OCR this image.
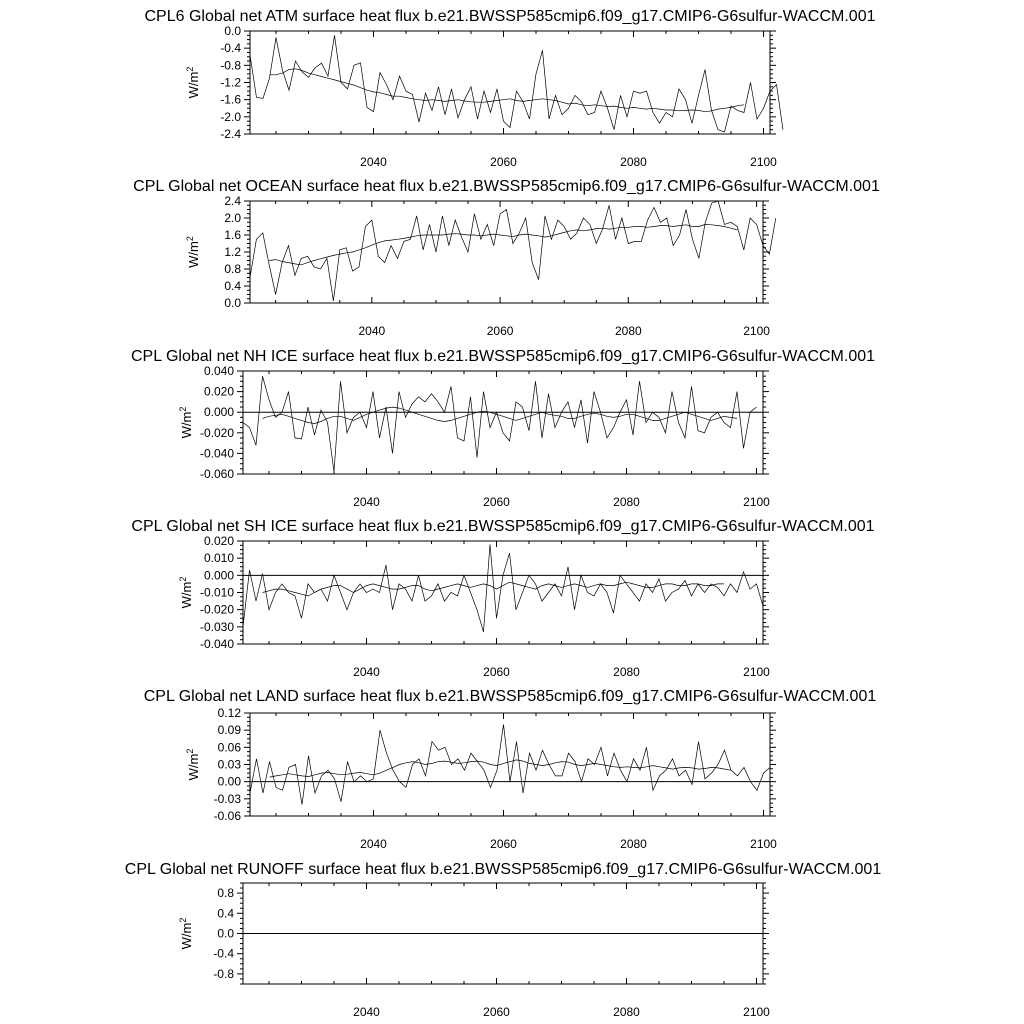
CPL6 Global net ATM surface heat flux b.e21.BWSSP585cmip6.f09_g17.CMIP6-G6sulfur-WACCM.001
$W/m^2$
2040	2060	2080	2100
0.0
-0.4
-0.8
-1.2
-1.6
-2.0
-2.4
CPL Global net OCEAN surface heat flux b.e21.BWSSP585cmip6.f09_g17.CMIP6-G6sulfur-WACCM.001
$W/m^2$
2040	2060	2080	2100
2.4
2.0
1.6
1.2
0.8
0.4
0.0
CPL Global net NH ICE surface heat flux b.e21.BWSSP585cmip6.f09_g17.CMIP6-G6sulfur-WACCM.001
$W/m^2$
2040	2060	2080	2100
0.040
0.020
0.000
-0.020
-0.040
-0.060
CPL Global net SH ICE surface heat flux b.e21.BWSSP585cmip6.f09_g17.CMIP6-G6sulfur-WACCM.001
$W/m^2$
2040	2060	2080	2100
0.020
0.010
0.000
-0.010
-0.020
-0.030
-0.040
CPL Global net LAND surface heat flux b.e21.BWSSP585cmip6.f09_g17.CMIP6-G6sulfur-WACCM.001
$W/m^2$
2040	2060	2080	2100
0.12
0.09
0.06
0.03
0.00
-0.03
-0.06
CPL Global net RUNOFF surface heat flux b.e21.BWSSP585cmip6.f09_g17.CMIP6-G6sulfur-WACCM.001
$W/m^2$
2040	2060	2080	2100
0.8
0.4
0.0
-0.4
-0.8
